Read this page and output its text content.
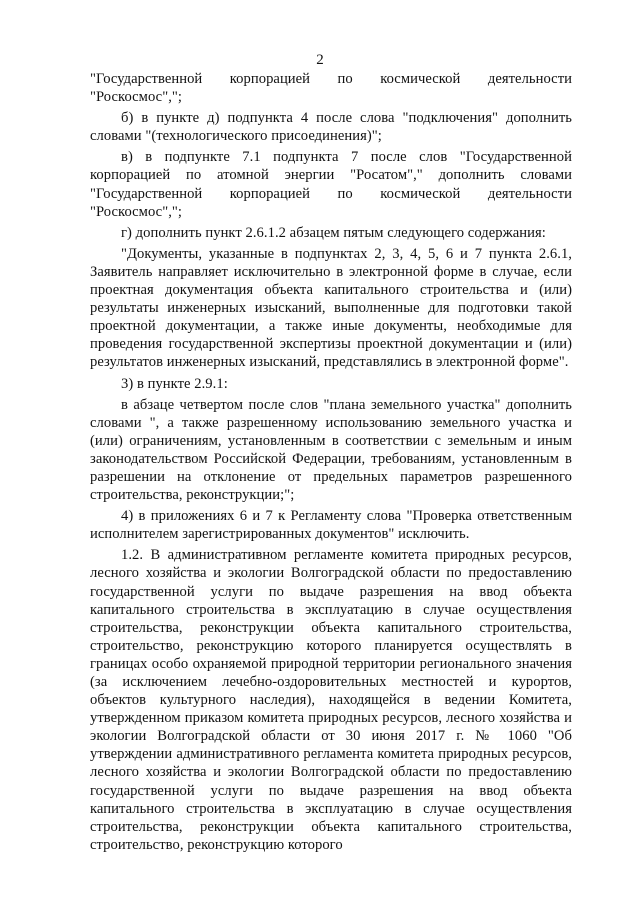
2

"Государственной корпорацией по космической деятельности "Роскосмос",";

б) в пункте д) подпункта 4 после слова "подключения" дополнить словами "(технологического присоединения)";

в) в подпункте 7.1 подпункта 7 после слов "Государственной корпорацией по атомной энергии "Росатом"," дополнить словами "Государственной корпорацией по космической деятельности "Роскосмос",";

г) дополнить пункт 2.6.1.2 абзацем пятым следующего содержания:

"Документы, указанные в подпунктах 2, 3, 4, 5, 6 и 7 пункта 2.6.1, Заявитель направляет исключительно в электронной форме в случае, если проектная документация объекта капитального строительства и (или) результаты инженерных изысканий, выполненные для подготовки такой проектной документации, а также иные документы, необходимые для проведения государственной экспертизы проектной документации и (или) результатов инженерных изысканий, представлялись в электронной форме".

3) в пункте 2.9.1:

в абзаце четвертом после слов "плана земельного участка" дополнить словами ", а также разрешенному использованию земельного участка и (или) ограничениям, установленным в соответствии с земельным и иным законодательством Российской Федерации, требованиям, установленным в разрешении на отклонение от предельных параметров разрешенного строительства, реконструкции;";

4) в приложениях 6 и 7 к Регламенту слова "Проверка ответственным исполнителем зарегистрированных документов" исключить.

1.2. В административном регламенте комитета природных ресурсов, лесного хозяйства и экологии Волгоградской области по предоставлению государственной услуги по выдаче разрешения на ввод объекта капитального строительства в эксплуатацию в случае осуществления строительства, реконструкции объекта капитального строительства, строительство, реконструкцию которого планируется осуществлять в границах особо охраняемой природной территории регионального значения (за исключением лечебно-оздоровительных местностей и курортов, объектов культурного наследия), находящейся в ведении Комитета, утвержденном приказом комитета природных ресурсов, лесного хозяйства и экологии Волгоградской области от 30 июня 2017 г. № 1060 "Об утверждении административного регламента комитета природных ресурсов, лесного хозяйства и экологии Волгоградской области по предоставлению государственной услуги по выдаче разрешения на ввод объекта капитального строительства в эксплуатацию в случае осуществления строительства, реконструкции объекта капитального строительства, строительство, реконструкцию которого
